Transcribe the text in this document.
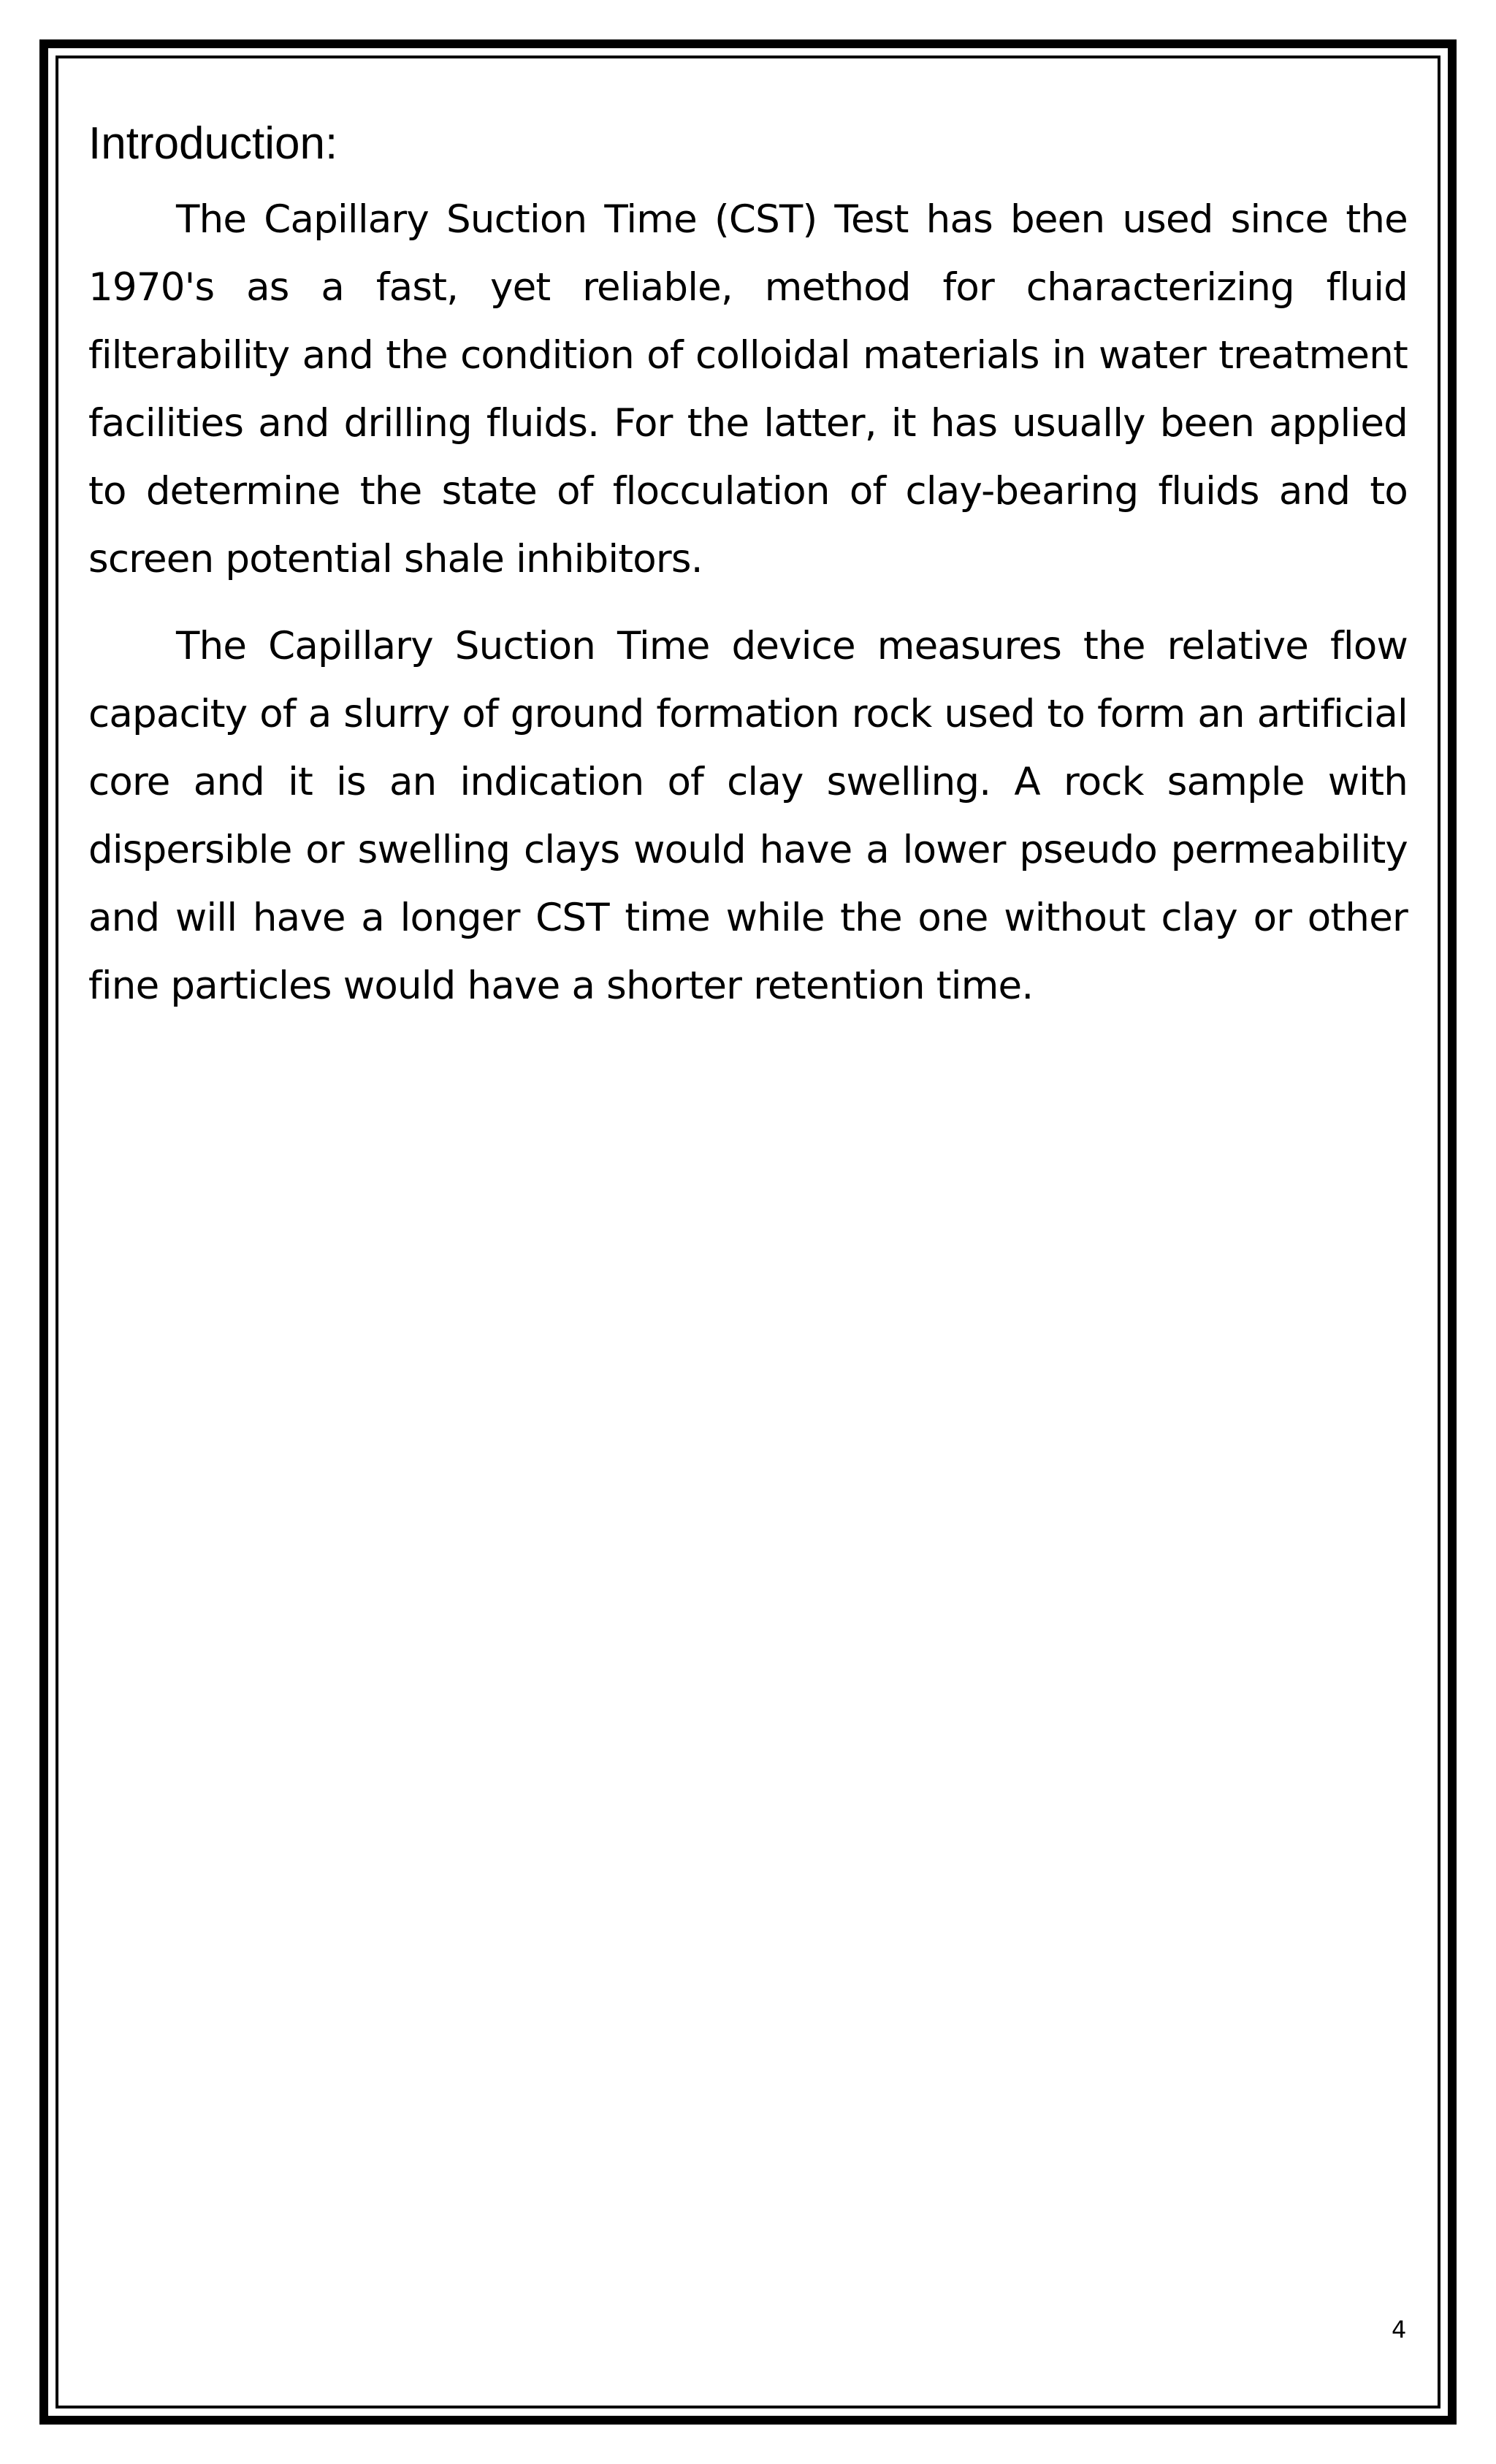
Introduction:

The Capillary Suction Time (CST) Test has been used since the 1970's as a fast, yet reliable, method for characterizing fluid filterability and the condition of colloidal materials in water treatment facilities and drilling fluids. For the latter, it has usually been applied to determine the state of flocculation of clay-bearing fluids and to screen potential shale inhibitors.

The Capillary Suction Time device measures the relative flow capacity of a slurry of ground formation rock used to form an artificial core and it is an indication of clay swelling. A rock sample with dispersible or swelling clays would have a lower pseudo permeability and will have a longer CST time while the one without clay or other fine particles would have a shorter retention time.

4
